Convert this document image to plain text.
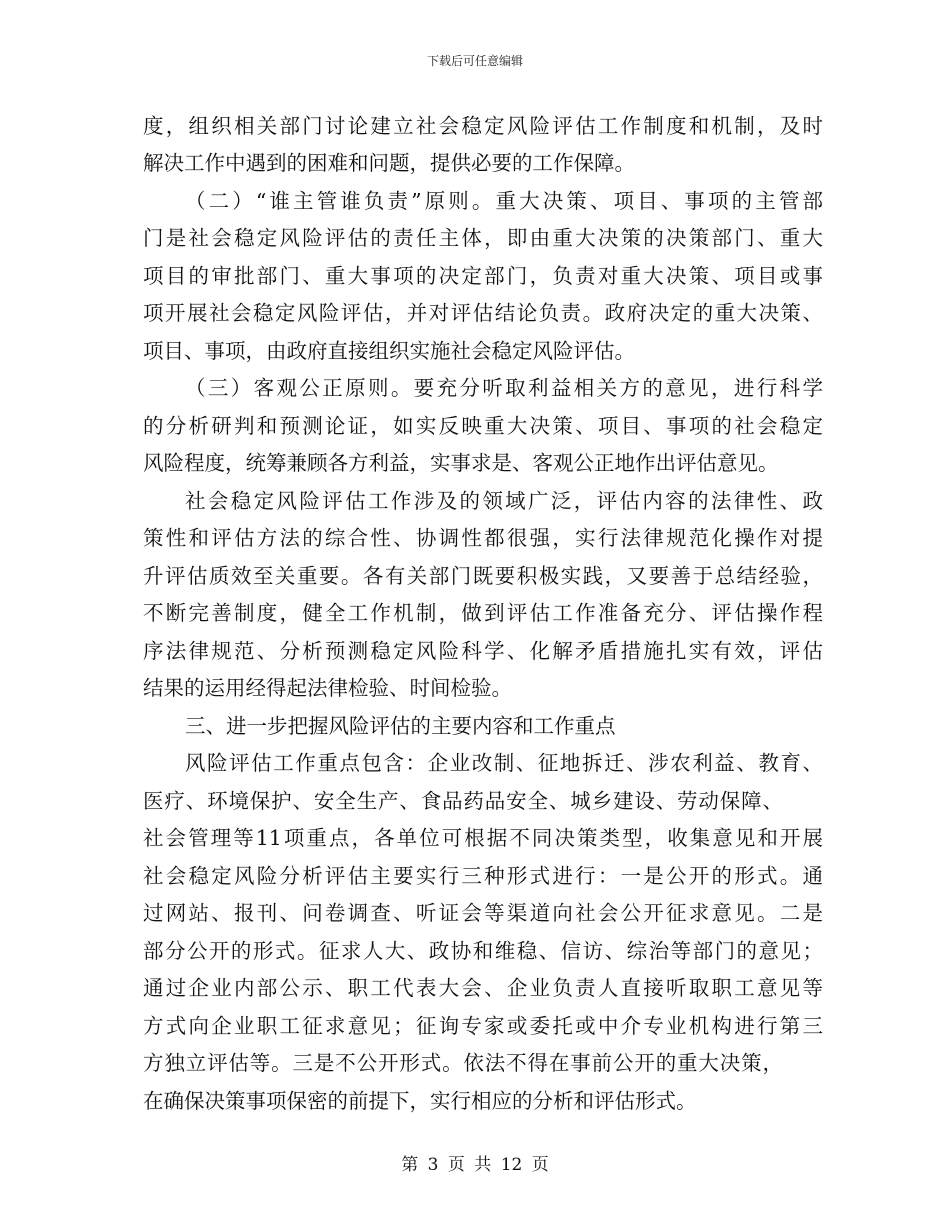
下载后可任意编辑
度，组织相关部门讨论建立社会稳定风险评估工作制度和机制，及时
解决工作中遇到的困难和问题，提供必要的工作保障。
（二）“谁主管谁负责”原则。重大决策、项目、事项的主管部
门是社会稳定风险评估的责任主体，即由重大决策的决策部门、重大
项目的审批部门、重大事项的决定部门，负责对重大决策、项目或事
项开展社会稳定风险评估，并对评估结论负责。政府决定的重大决策、
项目、事项，由政府直接组织实施社会稳定风险评估。
（三）客观公正原则。要充分听取利益相关方的意见，进行科学
的分析研判和预测论证，如实反映重大决策、项目、事项的社会稳定
风险程度，统筹兼顾各方利益，实事求是、客观公正地作出评估意见。
社会稳定风险评估工作涉及的领域广泛，评估内容的法律性、政
策性和评估方法的综合性、协调性都很强，实行法律规范化操作对提
升评估质效至关重要。各有关部门既要积极实践，又要善于总结经验，
不断完善制度，健全工作机制，做到评估工作准备充分、评估操作程
序法律规范、分析预测稳定风险科学、化解矛盾措施扎实有效，评估
结果的运用经得起法律检验、时间检验。
三、进一步把握风险评估的主要内容和工作重点
风险评估工作重点包含：企业改制、征地拆迁、涉农利益、教育、
医疗、环境保护、安全生产、食品药品安全、城乡建设、劳动保障、
社会管理等11项重点，各单位可根据不同决策类型，收集意见和开展
社会稳定风险分析评估主要实行三种形式进行：一是公开的形式。通
过网站、报刊、问卷调查、听证会等渠道向社会公开征求意见。二是
部分公开的形式。征求人大、政协和维稳、信访、综治等部门的意见；
通过企业内部公示、职工代表大会、企业负责人直接听取职工意见等
方式向企业职工征求意见；征询专家或委托或中介专业机构进行第三
方独立评估等。三是不公开形式。依法不得在事前公开的重大决策，
在确保决策事项保密的前提下，实行相应的分析和评估形式。
第 3 页 共 12 页
